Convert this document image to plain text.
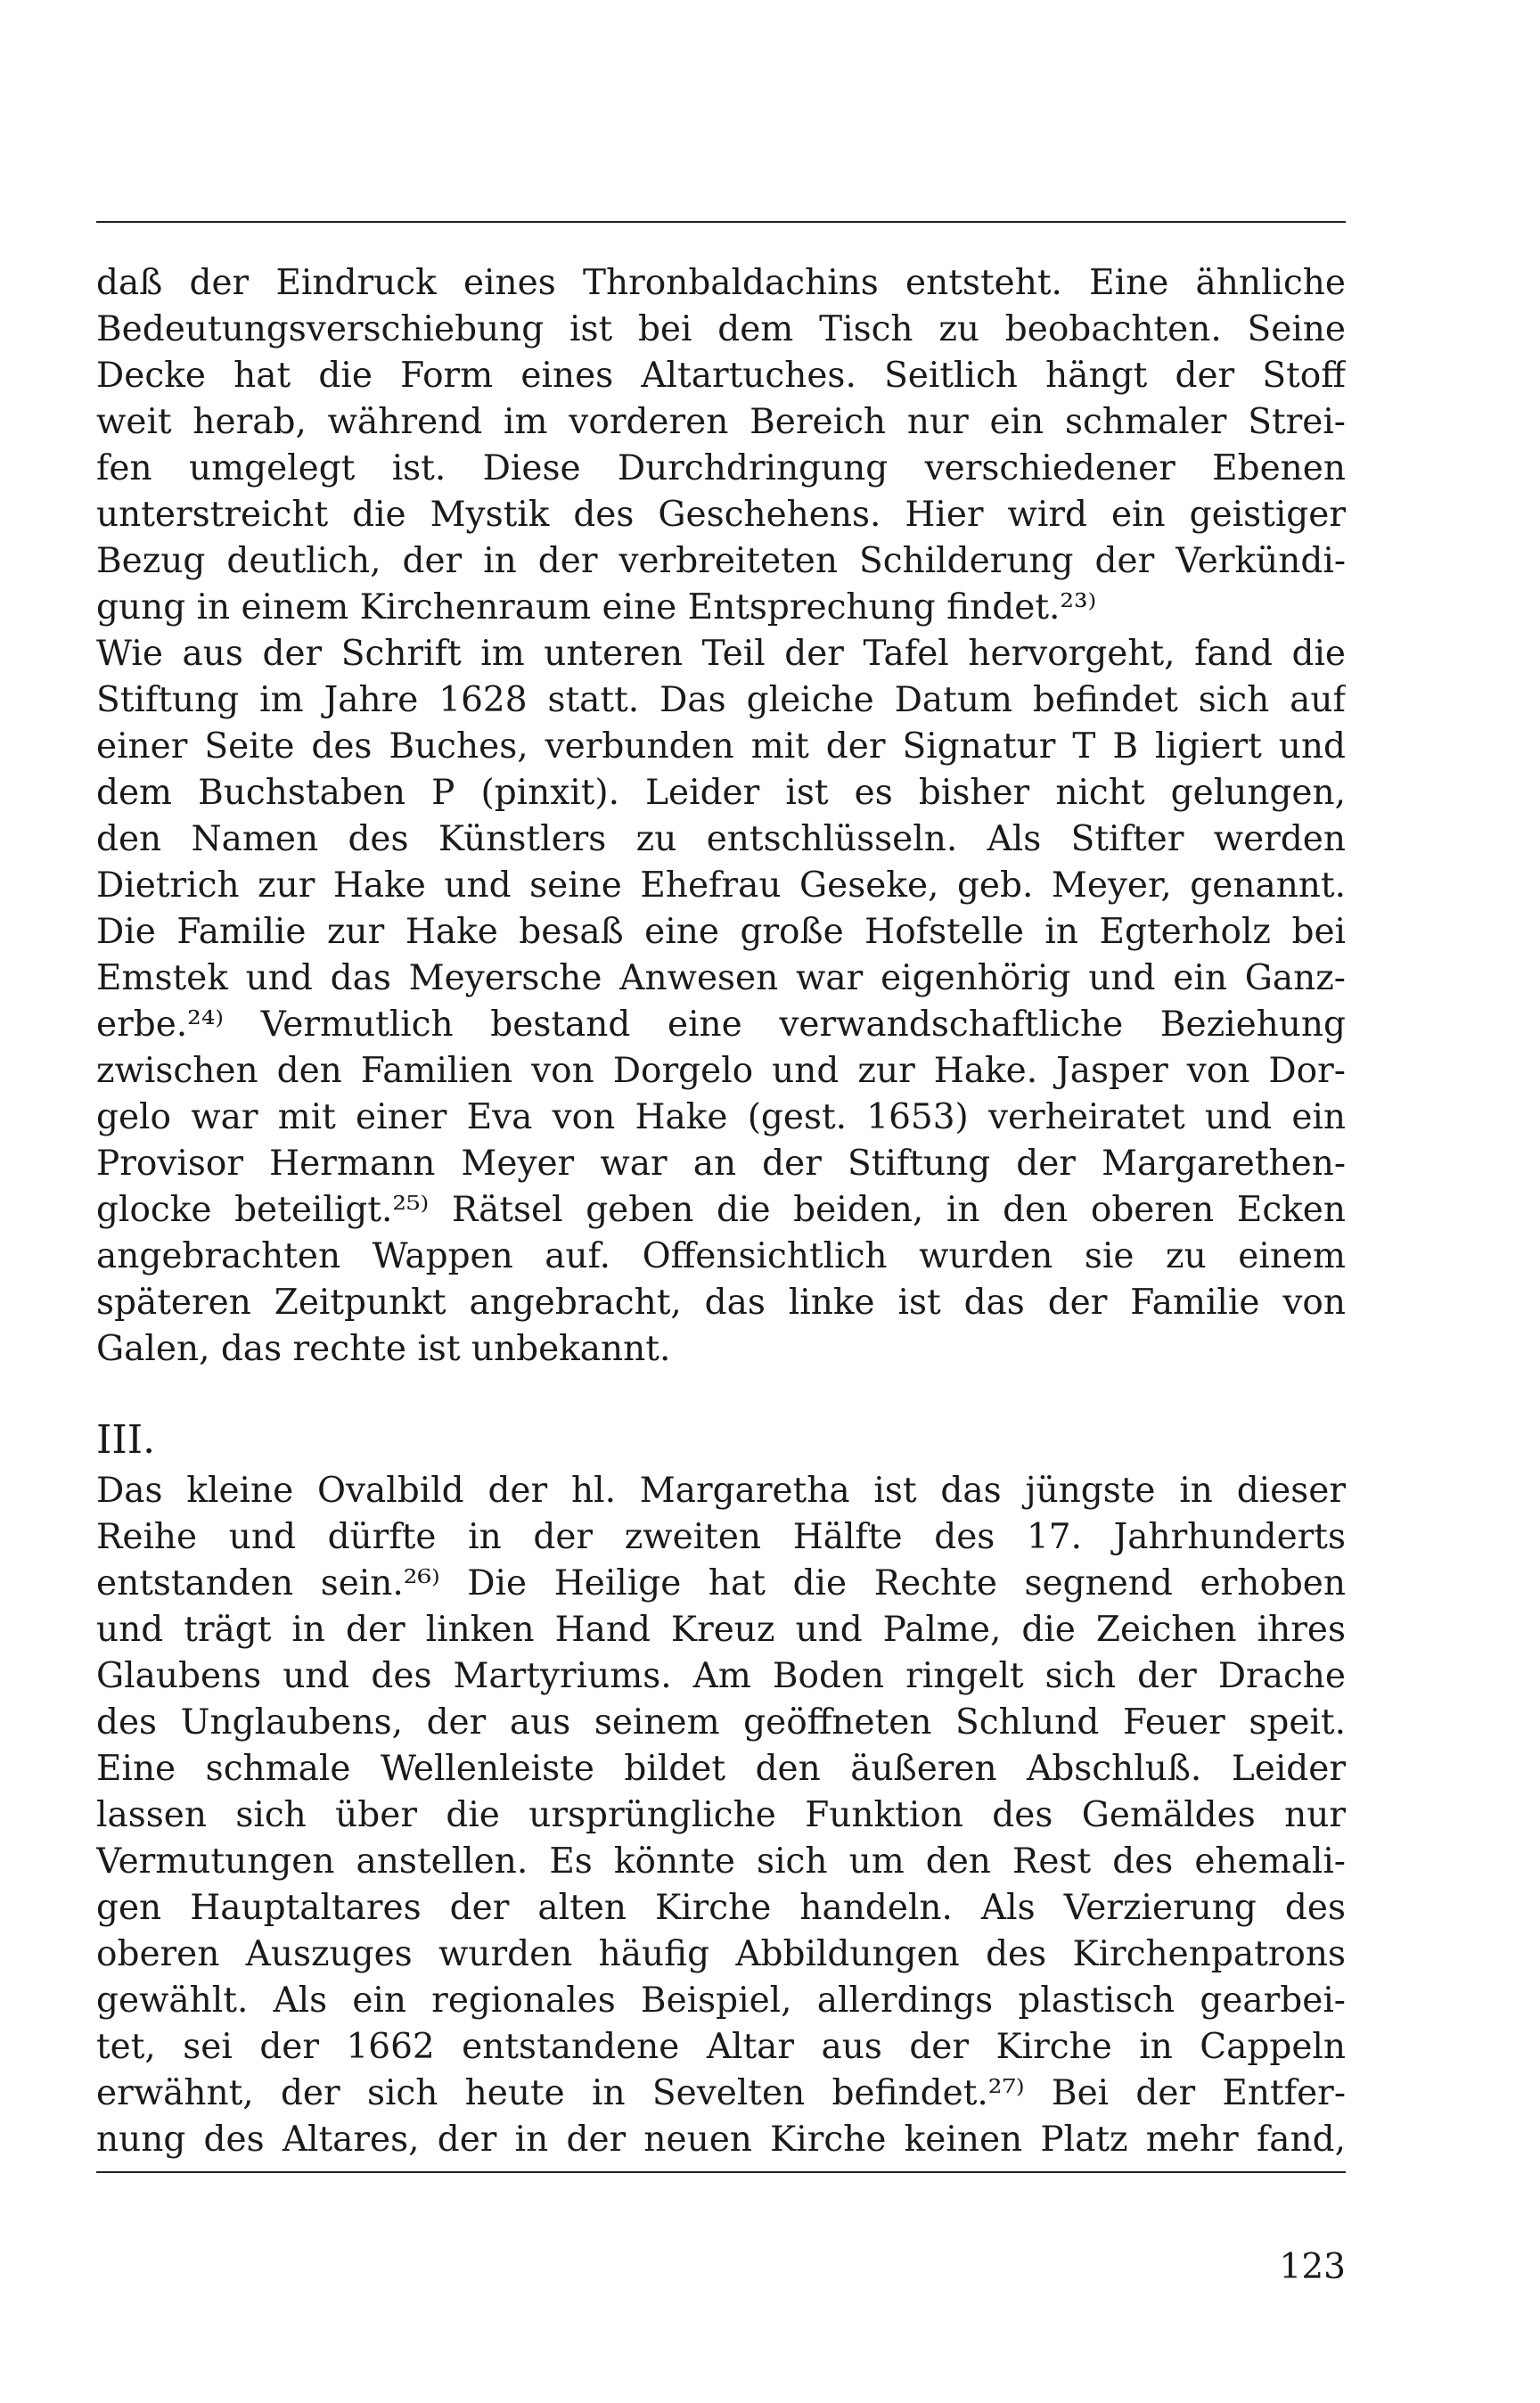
daß der Eindruck eines Thronbaldachins entsteht. Eine ähnliche
Bedeutungsverschiebung ist bei dem Tisch zu beobachten. Seine
Decke hat die Form eines Altartuches. Seitlich hängt der Stoff
weit herab, während im vorderen Bereich nur ein schmaler Strei-
fen umgelegt ist. Diese Durchdringung verschiedener Ebenen
unterstreicht die Mystik des Geschehens. Hier wird ein geistiger
Bezug deutlich, der in der verbreiteten Schilderung der Verkündi-
gung in einem Kirchenraum eine Entsprechung findet.²³⁾
Wie aus der Schrift im unteren Teil der Tafel hervorgeht, fand die
Stiftung im Jahre 1628 statt. Das gleiche Datum befindet sich auf
einer Seite des Buches, verbunden mit der Signatur T B ligiert und
dem Buchstaben P (pinxit). Leider ist es bisher nicht gelungen,
den Namen des Künstlers zu entschlüsseln. Als Stifter werden
Dietrich zur Hake und seine Ehefrau Geseke, geb. Meyer, genannt.
Die Familie zur Hake besaß eine große Hofstelle in Egterholz bei
Emstek und das Meyersche Anwesen war eigenhörig und ein Ganz-
erbe.²⁴⁾ Vermutlich bestand eine verwandschaftliche Beziehung
zwischen den Familien von Dorgelo und zur Hake. Jasper von Dor-
gelo war mit einer Eva von Hake (gest. 1653) verheiratet und ein
Provisor Hermann Meyer war an der Stiftung der Margarethen-
glocke beteiligt.²⁵⁾ Rätsel geben die beiden, in den oberen Ecken
angebrachten Wappen auf. Offensichtlich wurden sie zu einem
späteren Zeitpunkt angebracht, das linke ist das der Familie von
Galen, das rechte ist unbekannt.
III.
Das kleine Ovalbild der hl. Margaretha ist das jüngste in dieser
Reihe und dürfte in der zweiten Hälfte des 17. Jahrhunderts
entstanden sein.²⁶⁾ Die Heilige hat die Rechte segnend erhoben
und trägt in der linken Hand Kreuz und Palme, die Zeichen ihres
Glaubens und des Martyriums. Am Boden ringelt sich der Drache
des Unglaubens, der aus seinem geöffneten Schlund Feuer speit.
Eine schmale Wellenleiste bildet den äußeren Abschluß. Leider
lassen sich über die ursprüngliche Funktion des Gemäldes nur
Vermutungen anstellen. Es könnte sich um den Rest des ehemali-
gen Hauptaltares der alten Kirche handeln. Als Verzierung des
oberen Auszuges wurden häufig Abbildungen des Kirchenpatrons
gewählt. Als ein regionales Beispiel, allerdings plastisch gearbei-
tet, sei der 1662 entstandene Altar aus der Kirche in Cappeln
erwähnt, der sich heute in Sevelten befindet.²⁷⁾ Bei der Entfer-
nung des Altares, der in der neuen Kirche keinen Platz mehr fand,
123
